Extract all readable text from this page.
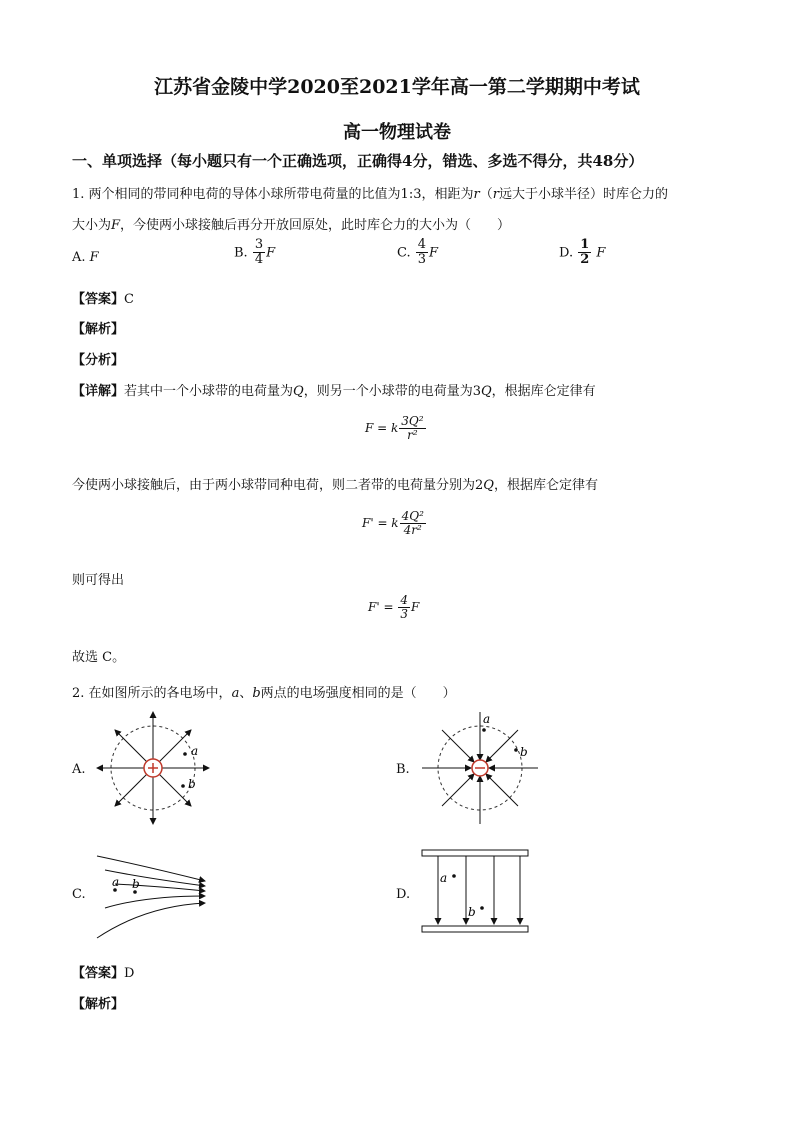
江苏省金陵中学2020至2021学年高一第二学期期中考试
高一物理试卷
一、单项选择（每小题只有一个正确选项，正确得4分，错选、多选不得分，共48分）
1. 两个相同的带同种电荷的导体小球所带电荷量的比值为1:3，相距为r（r远大于小球半径）时库仑力的
大小为F，今使两小球接触后再分开放回原处，此时库仑力的大小为（　　）
A. F	B. $\frac{3}{4}$ F	C. $\frac{4}{3}$ F	D. $\frac{1}{2}$ F
【答案】C
【解析】
【分析】
【详解】若其中一个小球带的电荷量为Q，则另一个小球带的电荷量为3Q，根据库仑定律有
F = k $\frac{\text{3Q²}}{\text{r²}}$
今使两小球接触后，由于两小球带同种电荷，则二者带的电荷量分别为2Q，根据库仑定律有
F' = k $\frac{\text{4Q²}}{\text{4r²}}$
则可得出
$F' = \frac{4}{3}$ F
故选 C。
2. 在如图所示的各电场中，a、b两点的电场强度相同的是（　　）
A.	B.
C.	D.
a
b
a
b
a b	a
b
【答案】D
【解析】
